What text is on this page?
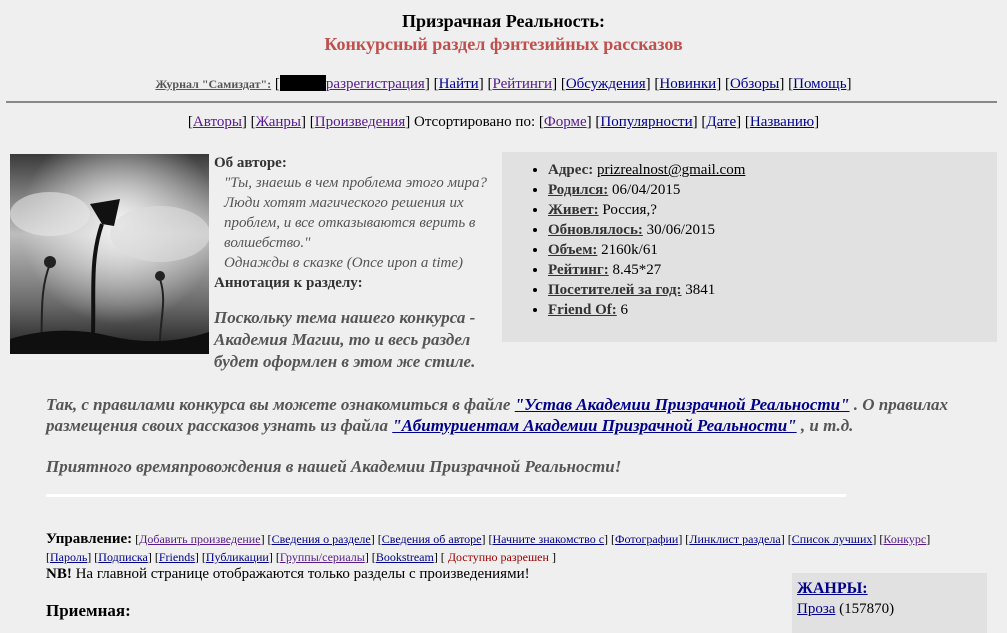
Призрачная Реальность:
Конкурсный раздел фэнтезийных рассказов
Журнал "Самиздат": [	разрегистрация] [Найти] [Рейтинги] [Обсуждения] [Новинки] [Обзоры] [Помощь]
[Авторы] [Жанры] [Произведения] Отсортировано по: [Форме] [Популярности] [Дате] [Названию]
Об авторе:
"Ты, знаешь в чем проблема этого мира? Люди хотят магического решения их проблем, и все отказываются верить в волшебство."
Однажды в сказке (Once upon a time)
Аннотация к разделу:
Поскольку тема нашего конкурса - Академия Магии, то и весь раздел будет оформлен в этом же стиле.
• Адрес: prizrealnost@gmail.com
• Родился: 06/04/2015
• Живет: Россия,?
• Обновлялось: 30/06/2015
• Объем: 2160k/61
• Рейтинг: 8.45*27
• Посетителей за год: 3841
• Friend Of: 6
Так, с правилами конкурса вы можете ознакомиться в файле "Устав Академии Призрачной Реальности" . О правилах размещения своих рассказов узнать из файла "Абитуриентам Академии Призрачной Реальности" , и т.д.
Приятного времяпровождения в нашей Академии Призрачной Реальности!
Управление: [Добавить произведение] [Сведения о разделе] [Сведения об авторе] [Начните знакомство с] [Фотографии] [Линклист раздела] [Список лучших] [Конкурс] [Пароль] [Подписка] [Friends] [Публикации] [Группы/сериалы] [Bookstream] [ Доступно разрешен ]
NB! На главной странице отображаются только разделы с произведениями!
Приемная:
ЖАНРЫ:
Проза (157870)
